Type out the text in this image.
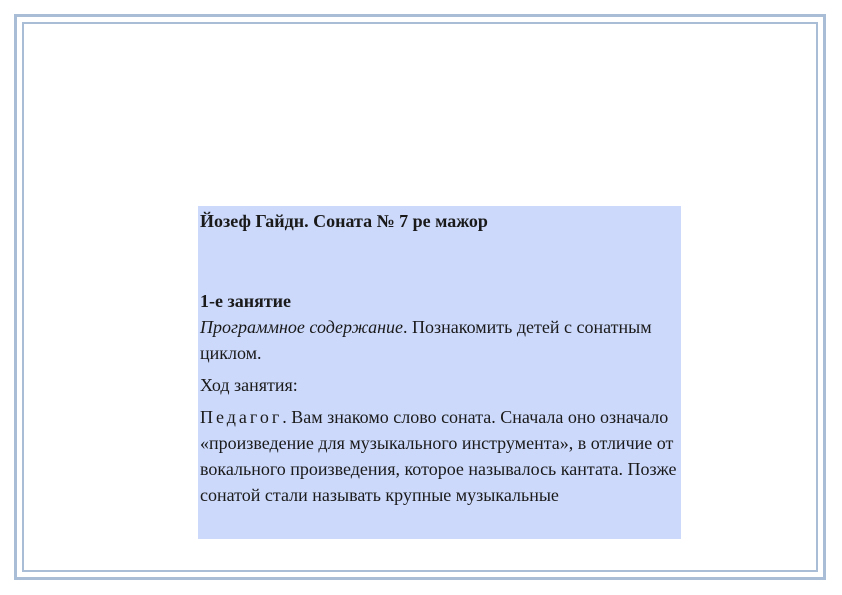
Йозеф Гайдн. Соната № 7 ре мажор

1-е занятие

Программное содержание. Познакомить детей с сонатным циклом.

Ход занятия:

Педагог. Вам знакомо слово соната. Сначала оно означало «произведение для музыкального инструмента», в отличие от вокального произведения, которое называлось кантата. Позже сонатой стали называть крупные музыкальные
